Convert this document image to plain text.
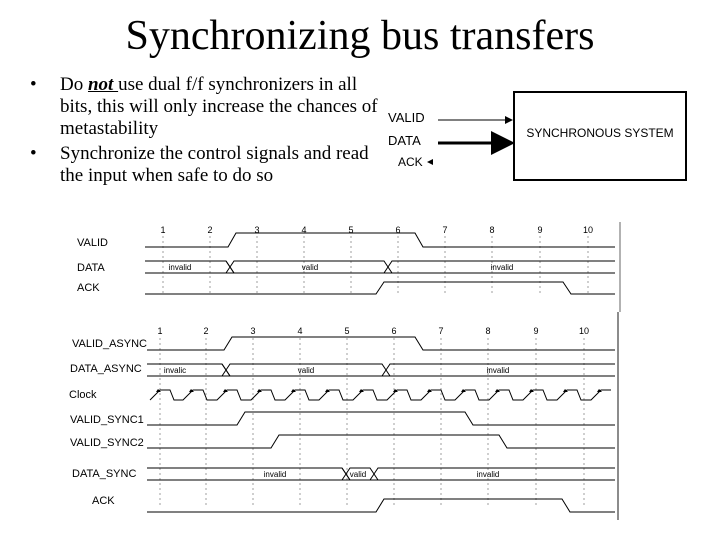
Synchronizing bus transfers
• Do not use dual f/f synchronizers in all bits, this will only increase the chances of metastability
• Synchronize the control signals and read the input when safe to do so
SYNCHRONOUS SYSTEM
VALID
DATA
ACK
1	2	3	4	5	6	7	8	9	10
VALID
DATA	invalid	valid	invalid
ACK
1	2	3	4	5	6	7	8	9	10
VALID_ASYNC
DATA_ASYNC	invalic	valid	invalid
Clock
VALID_SYNC1
VALID_SYNC2
DATA_SYNC	invalid	valid	invalid
ACK
